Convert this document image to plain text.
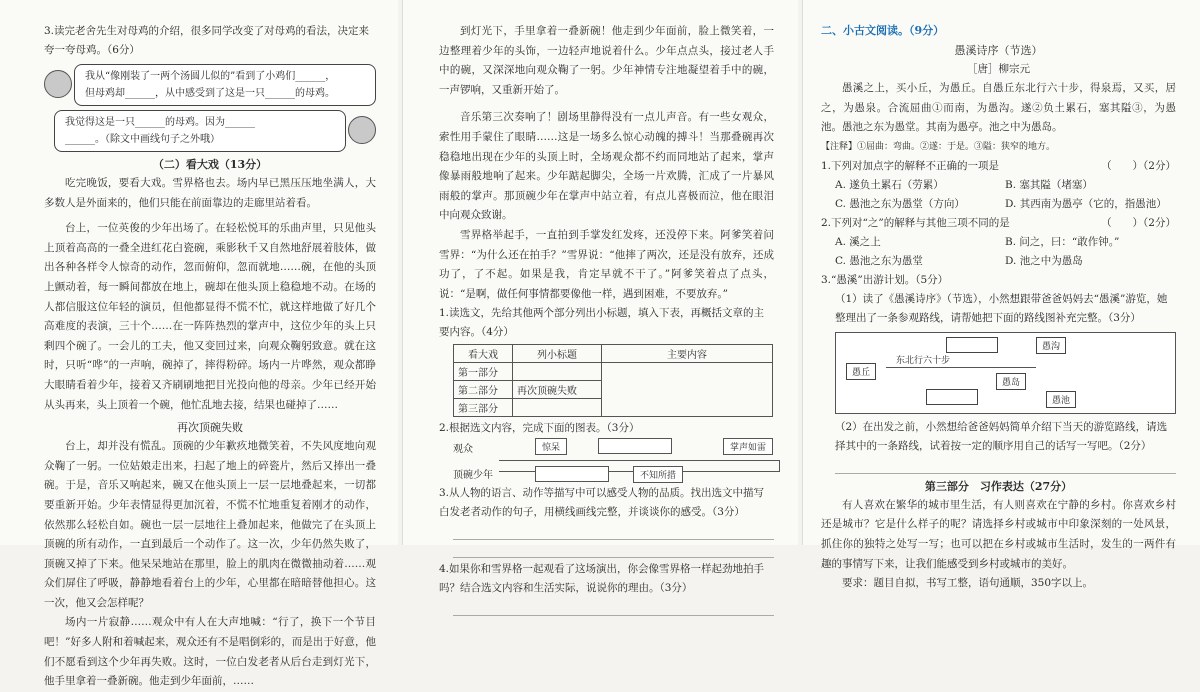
3.读完老舍先生对母鸡的介绍，很多同学改变了对母鸡的看法，决定来夸一夸母鸡。（6分）

我从“像刚装了一两个汤圆儿似的”看到了小鸡们______，

但母鸡却______，从中感受到了这是一只______的母鸡。

我觉得这是一只______的母鸡。因为______

______。（除文中画线句子之外哦）

（二）看大戏（13分）

吃完晚饭，要看大戏。雪界格也去。场内早已黑压压地坐满人，大多数人是外面来的，他们只能在前面靠边的走廊里站着看。

台上，一位英俊的少年出场了。在轻松悦耳的乐曲声里，只见他头上顶着高高的一叠全进红花白瓷碗，乘影秋千又自然地舒展着肢体，做出各种各样令人惊奇的动作，忽而俯仰，忽而就地……碗，在他的头顶上颤动着，每一瞬间都放在地上，碗却在他头顶上稳稳地不动。在场的人都信服这位年轻的演员，但他都显得不慌不忙，就这样地做了好几个高难度的表演，三十个……在一阵阵热烈的掌声中，这位少年的头上只剩四个碗了。一会儿的工夫，他又变回过来，向观众鞠躬致意。就在这时，只听“哗”的一声响，碗掉了，摔得粉碎。场内一片哗然，观众都睁大眼睛看着少年，接着又齐刷刷地把目光投向他的母亲。少年已经开始从头再来，头上顶着一个碗，他忙乱地去接，结果也碰掉了……

再次顶碗失败

台上，却并没有慌乱。顶碗的少年歉疚地微笑着，不失风度地向观众鞠了一躬。一位姑娘走出来，扫起了地上的碎瓷片，然后又捧出一叠碗。于是，音乐又响起来，碗又在他头顶上一层一层地叠起来，一切都要重新开始。少年表情显得更加沉着，不慌不忙地重复着刚才的动作，依然那么轻松自如。碗也一层一层地往上叠加起来，他做完了在头顶上顶碗的所有动作，一直到最后一个动作了。这一次，少年仍然失败了，顶碗又掉了下来。他呆呆地站在那里，脸上的肌肉在微微抽动着……观众们屏住了呼吸，静静地看着台上的少年，心里都在暗暗替他担心。这一次，他又会怎样呢？

场内一片寂静……观众中有人在大声地喊：“行了，换下一个节目吧！”好多人附和着喊起来，观众还有不是唱倒彩的，而是出于好意，他们不愿看到这个少年再失败。这时，一位白发老者从后台走到灯光下，他手里拿着一叠新碗。他走到少年面前，……

到灯光下，手里拿着一叠新碗！他走到少年面前，脸上微笑着，一边整理着少年的头饰，一边轻声地说着什么。少年点点头，接过老人手中的碗，又深深地向观众鞠了一躬。少年神情专注地凝望着手中的碗，一声锣响，又重新开始了。

音乐第三次奏响了！剧场里静得没有一点儿声音。有一些女观众，索性用手蒙住了眼睛……这是一场多么惊心动魄的搏斗！当那叠碗再次稳稳地出现在少年的头顶上时，全场观众都不约而同地站了起来，掌声像暴雨般地响了起来。少年踮起脚尖，全场一片欢腾，汇成了一片暴风雨般的掌声。那顶碗少年在掌声中站立着，有点儿喜极而泣，他在眼泪中向观众致谢。

雪界格举起手，一直拍到手掌发红发疼，还没停下来。阿爹笑着问雪界：“为什么还在拍手？”雪界说：“他摔了两次，还是没有放弃，还成功了，了不起。如果是我，肯定早就不干了。”阿爹笑着点了点头，说：“是啊，做任何事情都要像他一样，遇到困难，不要放弃。”

1.读选文，先给其他两个部分列出小标题，填入下表，再概括文章的主要内容。（4分）

看大戏	列小标题	主要内容
第一部分		
第二部分	再次顶碗失败	
第三部分		

2.根据选文内容，完成下面的图表。（3分）

观众
顶碗少年
惊呆	掌声如雷
不知所措

3.从人物的语言、动作等描写中可以感受人物的品质。找出选文中描写白发老者动作的句子，用横线画线完整，并谈谈你的感受。（3分）

4.如果你和雪界格一起观看了这场演出，你会像雪界格一样起劲地拍手吗？结合选文内容和生活实际，说说你的理由。（3分）

二、小古文阅读。（9分）

愚溪诗序（节选）

［唐］柳宗元

愚溪之上，买小丘，为愚丘。自愚丘东北行六十步，得泉焉，又买，居之，为愚泉。合流屈曲①而南，为愚沟。遂②负土累石，塞其隘③，为愚池。愚池之东为愚堂。其南为愚亭。池之中为愚岛。

【注释】①屈曲：弯曲。②遂：于是。③隘：狭窄的地方。

1.下列对加点字的解释不正确的一项是	（　　）（2分）
A. 遂负土累石（劳累）	B. 塞其隘（堵塞）
C. 愚池之东为愚堂（方向）	D. 其西南为愚亭（它的，指愚池）
2.下列对“之”的解释与其他三项不同的是	（　　）（2分）
A. 溪之上	B. 问之，曰：“敢作钟。”
C. 愚池之东为愚堂	D. 池之中为愚岛

3.“愚溪”出游计划。（5分）

（1）读了《愚溪诗序》（节选），小然想跟带爸爸妈妈去“愚溪”游览，她整理出了一条参观路线，请帮她把下面的路线图补充完整。（3分）

愚丘
东北行六十步
愚沟
愚岛
愚池

（2）在出发之前，小然想给爸爸妈妈简单介绍下当天的游览路线，请选择其中的一条路线，试着按一定的顺序用自己的话写一写吧。（2分）

第三部分　习作表达（27分）

有人喜欢在繁华的城市里生活，有人则喜欢在宁静的乡村。你喜欢乡村还是城市？它是什么样子的呢？请选择乡村或城市中印象深刻的一处风景，抓住你的独特之处写一写；也可以把在乡村或城市生活时，发生的一两件有趣的事情写下来，让我们能感受到乡村或城市的美好。

要求：题目自拟，书写工整，语句通顺，350字以上。
